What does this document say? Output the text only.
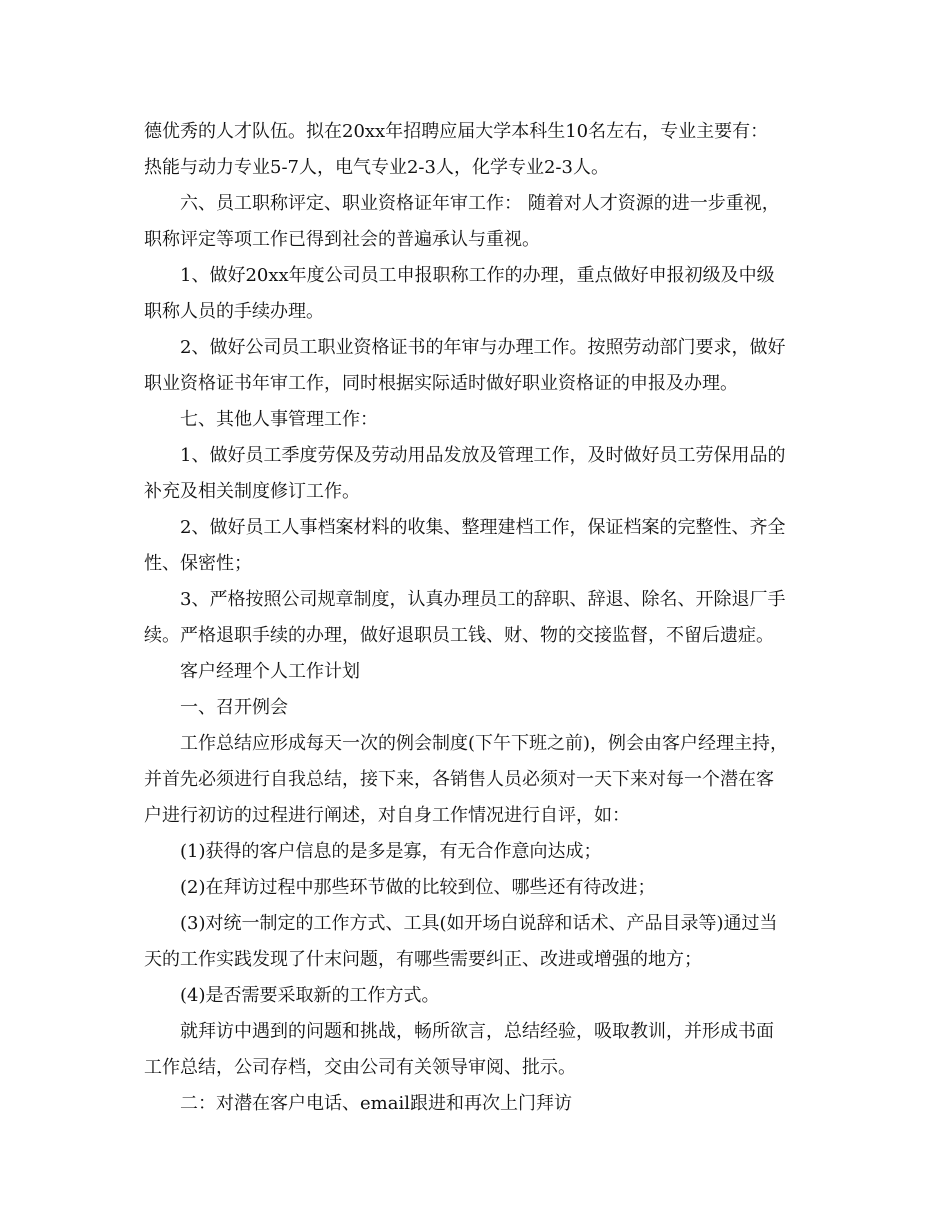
德优秀的人才队伍。拟在20xx年招聘应届大学本科生10名左右，专业主要有：
热能与动力专业5-7人，电气专业2-3人，化学专业2-3人。
六、员工职称评定、职业资格证年审工作： 随着对人才资源的进一步重视，
职称评定等项工作已得到社会的普遍承认与重视。
1、做好20xx年度公司员工申报职称工作的办理，重点做好申报初级及中级
职称人员的手续办理。
2、做好公司员工职业资格证书的年审与办理工作。按照劳动部门要求，做好
职业资格证书年审工作，同时根据实际适时做好职业资格证的申报及办理。
七、其他人事管理工作：
1、做好员工季度劳保及劳动用品发放及管理工作，及时做好员工劳保用品的
补充及相关制度修订工作。
2、做好员工人事档案材料的收集、整理建档工作，保证档案的完整性、齐全
性、保密性；
3、严格按照公司规章制度，认真办理员工的辞职、辞退、除名、开除退厂手
续。严格退职手续的办理，做好退职员工钱、财、物的交接监督，不留后遗症。
客户经理个人工作计划
一、召开例会
工作总结应形成每天一次的例会制度(下午下班之前)，例会由客户经理主持，
并首先必须进行自我总结，接下来，各销售人员必须对一天下来对每一个潜在客
户进行初访的过程进行阐述，对自身工作情况进行自评，如：
(1)获得的客户信息的是多是寡，有无合作意向达成；
(2)在拜访过程中那些环节做的比较到位、哪些还有待改进；
(3)对统一制定的工作方式、工具(如开场白说辞和话术、产品目录等)通过当
天的工作实践发现了什末问题，有哪些需要纠正、改进或增强的地方；
(4)是否需要采取新的工作方式。
就拜访中遇到的问题和挑战，畅所欲言，总结经验，吸取教训，并形成书面
工作总结，公司存档，交由公司有关领导审阅、批示。
二：对潜在客户电话、email跟进和再次上门拜访
